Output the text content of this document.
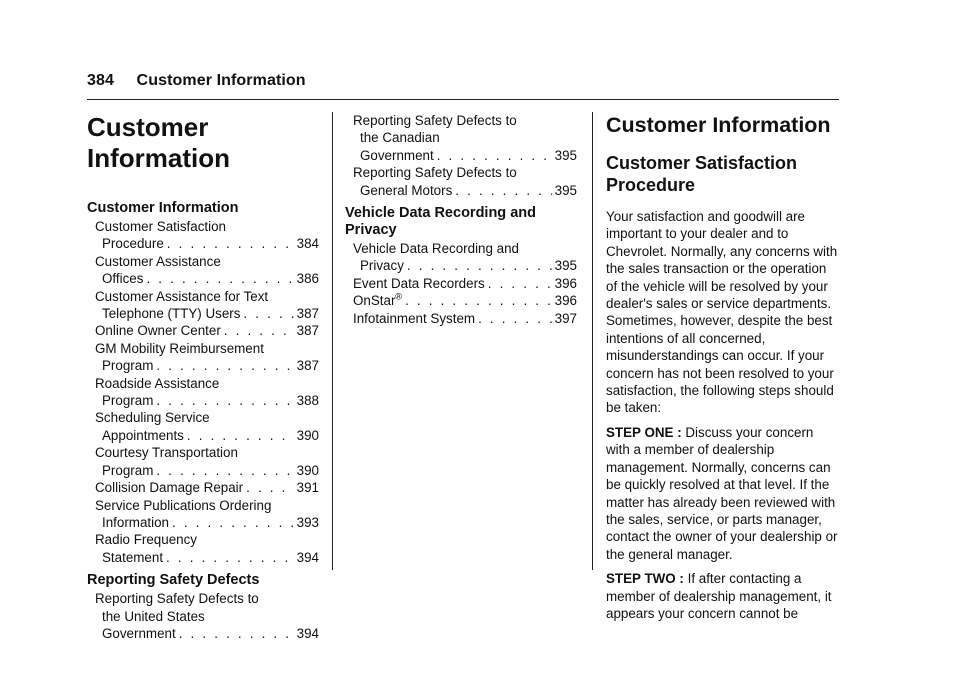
384 Customer Information
Customer
Information
Customer Information
Customer Satisfaction
Procedure . . .	384
Customer Assistance
Offices . . .	386
Customer Assistance for Text
Telephone (TTY) Users . . .	387
Online Owner Center . . .	387
GM Mobility Reimbursement
Program . . .	387
Roadside Assistance
Program . . .	388
Scheduling Service
Appointments . . .	390
Courtesy Transportation
Program . . .	390
Collision Damage Repair . . .	391
Service Publications Ordering
Information . . .	393
Radio Frequency
Statement . . .	394
Reporting Safety Defects
Reporting Safety Defects to
the United States
Government . . .	394
Reporting Safety Defects to
the Canadian
Government . . .	395
Reporting Safety Defects to
General Motors . . .	395
Vehicle Data Recording and
Privacy
Vehicle Data Recording and
Privacy . . .	395
Event Data Recorders . . .	396
OnStar® . . .	396
Infotainment System . . .	397
Customer Information
Customer Satisfaction
Procedure

Your satisfaction and goodwill are important to your dealer and to Chevrolet. Normally, any concerns with the sales transaction or the operation of the vehicle will be resolved by your dealer's sales or service departments. Sometimes, however, despite the best intentions of all concerned, misunderstandings can occur. If your concern has not been resolved to your satisfaction, the following steps should be taken:

STEP ONE : Discuss your concern with a member of dealership management. Normally, concerns can be quickly resolved at that level. If the matter has already been reviewed with the sales, service, or parts manager, contact the owner of your dealership or the general manager.

STEP TWO : If after contacting a member of dealership management, it appears your concern cannot be
